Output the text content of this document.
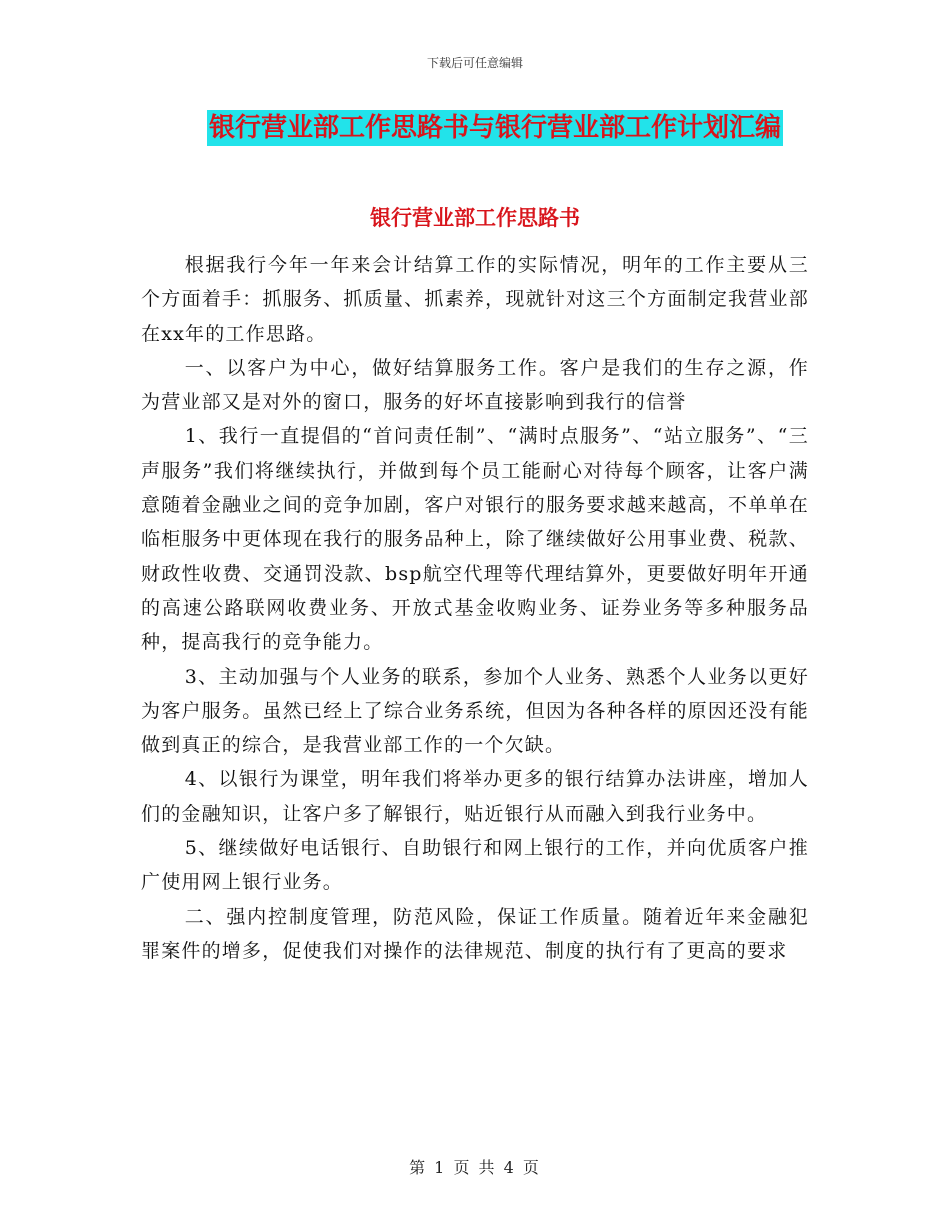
下载后可任意编辑
银行营业部工作思路书与银行营业部工作计划汇编
银行营业部工作思路书

根据我行今年一年来会计结算工作的实际情况，明年的工作主要从三个方面着手：抓服务、抓质量、抓素养，现就针对这三个方面制定我营业部在xx年的工作思路。

一、以客户为中心，做好结算服务工作。客户是我们的生存之源，作为营业部又是对外的窗口，服务的好坏直接影响到我行的信誉

1、我行一直提倡的“首问责任制”、“满时点服务”、“站立服务”、“三声服务”我们将继续执行，并做到每个员工能耐心对待每个顾客，让客户满意随着金融业之间的竞争加剧，客户对银行的服务要求越来越高，不单单在临柜服务中更体现在我行的服务品种上，除了继续做好公用事业费、税款、财政性收费、交通罚没款、bsp航空代理等代理结算外，更要做好明年开通的高速公路联网收费业务、开放式基金收购业务、证券业务等多种服务品种，提高我行的竞争能力。

3、主动加强与个人业务的联系，参加个人业务、熟悉个人业务以更好为客户服务。虽然已经上了综合业务系统，但因为各种各样的原因还没有能做到真正的综合，是我营业部工作的一个欠缺。

4、以银行为课堂，明年我们将举办更多的银行结算办法讲座，增加人们的金融知识，让客户多了解银行，贴近银行从而融入到我行业务中。

5、继续做好电话银行、自助银行和网上银行的工作，并向优质客户推广使用网上银行业务。

二、强内控制度管理，防范风险，保证工作质量。随着近年来金融犯罪案件的增多，促使我们对操作的法律规范、制度的执行有了更高的要求

第 1 页 共 4 页
